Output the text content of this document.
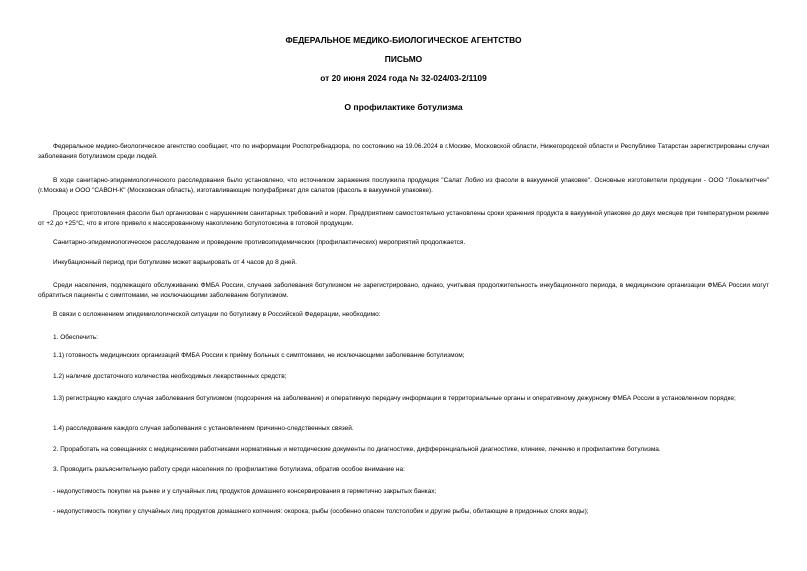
ФЕДЕРАЛЬНОЕ МЕДИКО-БИОЛОГИЧЕСКОЕ АГЕНТСТВО
ПИСЬМО
от 20 июня 2024 года № 32-024/03-2/1109
О профилактике ботулизма
Федеральное медико-биологическое агентство сообщает, что по информации Роспотребнадзора, по состоянию на 19.06.2024 в г.Москве, Московской области, Нижегородской области и Республике Татарстан зарегистрированы случаи заболевания ботулизмом среди людей.
В ходе санитарно-эпидемиологического расследования было установлено, что источником заражения послужила продукция "Салат Лобио из фасоли в вакуумной упаковке". Основные изготовители продукции - ООО "Локалкитчен" (г.Москва) и ООО "САВОН-К" (Московская область), изготавливающие полуфабрикат для салатов (фасоль в вакуумной упаковке).
Процесс приготовления фасоли был организован с нарушением санитарных требований и норм. Предприятием самостоятельно установлены сроки хранения продукта в вакуумной упаковке до двух месяцев при температурном режиме от +2 до +25°С, что в итоге привело к массированному накоплению ботулотоксина в готовой продукции.
Санитарно-эпидемиологическое расследование и проведение противоэпидемических (профилактических) мероприятий продолжается.
Инкубационный период при ботулизме может варьировать от 4 часов до 8 дней.
Среди населения, подлежащего обслуживанию ФМБА России, случаев заболевания ботулизмом не зарегистрировано, однако, учитывая продолжительность инкубационного периода, в медицинские организации ФМБА России могут обратиться пациенты с симптомами, не исключающими заболевание ботулизмом.
В связи с осложнением эпидемиологической ситуации по ботулизму в Российской Федерации, необходимо:
1. Обеспечить:
1.1) готовность медицинских организаций ФМБА России к приёму больных с симптомами, не исключающими заболевание ботулизмом;
1.2) наличие достаточного количества необходимых лекарственных средств;
1.3) регистрацию каждого случая заболевания ботулизмом (подозрения на заболевание) и оперативную передачу информации в территориальные органы и оперативному дежурному ФМБА России в установленном порядке;
1.4) расследование каждого случая заболевания с установлением причинно-следственных связей.
2. Проработать на совещаниях с медицинскими работниками нормативные и методические документы по диагностике, дифференциальной диагностике, клинике, лечению и профилактике ботулизма.
3. Проводить разъяснительную работу среди населения по профилактике ботулизма, обратив особое внимание на:
- недопустимость покупки на рынке и у случайных лиц продуктов домашнего консервирования в герметично закрытых банках;
- недопустимость покупки у случайных лиц продуктов домашнего копчения: окорока, рыбы (особенно опасен толстолобик и другие рыбы, обитающие в придонных слоях воды);
